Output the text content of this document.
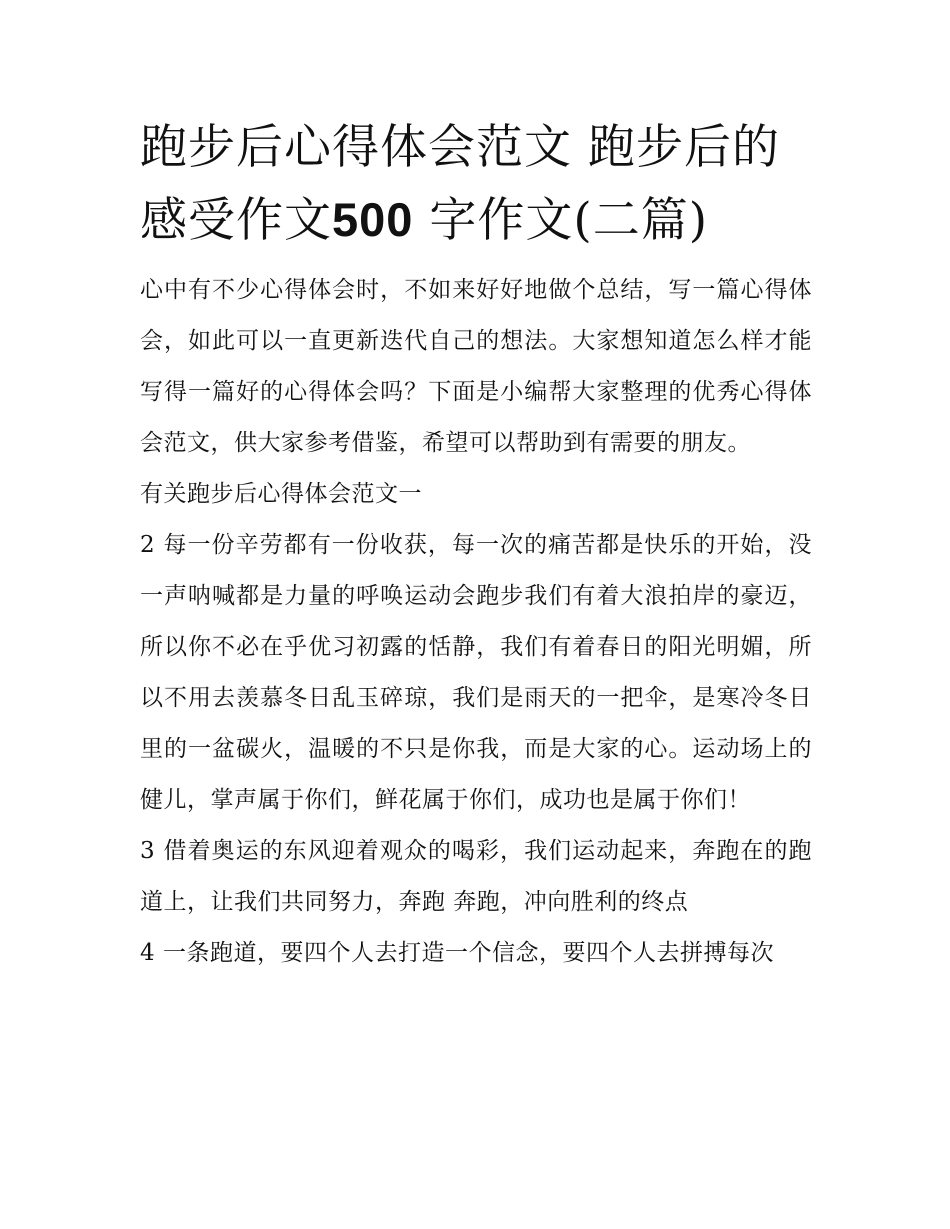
跑步后心得体会范文 跑步后的感受作文500 字作文(二篇)

心中有不少心得体会时，不如来好好地做个总结，写一篇心得体会，如此可以一直更新迭代自己的想法。大家想知道怎么样才能写得一篇好的心得体会吗？下面是小编帮大家整理的优秀心得体会范文，供大家参考借鉴，希望可以帮助到有需要的朋友。

有关跑步后心得体会范文一

2 每一份辛劳都有一份收获，每一次的痛苦都是快乐的开始，没一声呐喊都是力量的呼唤运动会跑步我们有着大浪拍岸的豪迈，所以你不必在乎优习初露的恬静，我们有着春日的阳光明媚，所以不用去羡慕冬日乱玉碎琼，我们是雨天的一把伞，是寒冷冬日里的一盆碳火，温暖的不只是你我，而是大家的心。运动场上的健儿，掌声属于你们，鲜花属于你们，成功也是属于你们！

3 借着奥运的东风迎着观众的喝彩，我们运动起来，奔跑在的跑道上，让我们共同努力，奔跑 奔跑，冲向胜利的终点

4 一条跑道，要四个人去打造一个信念，要四个人去拼搏每次
